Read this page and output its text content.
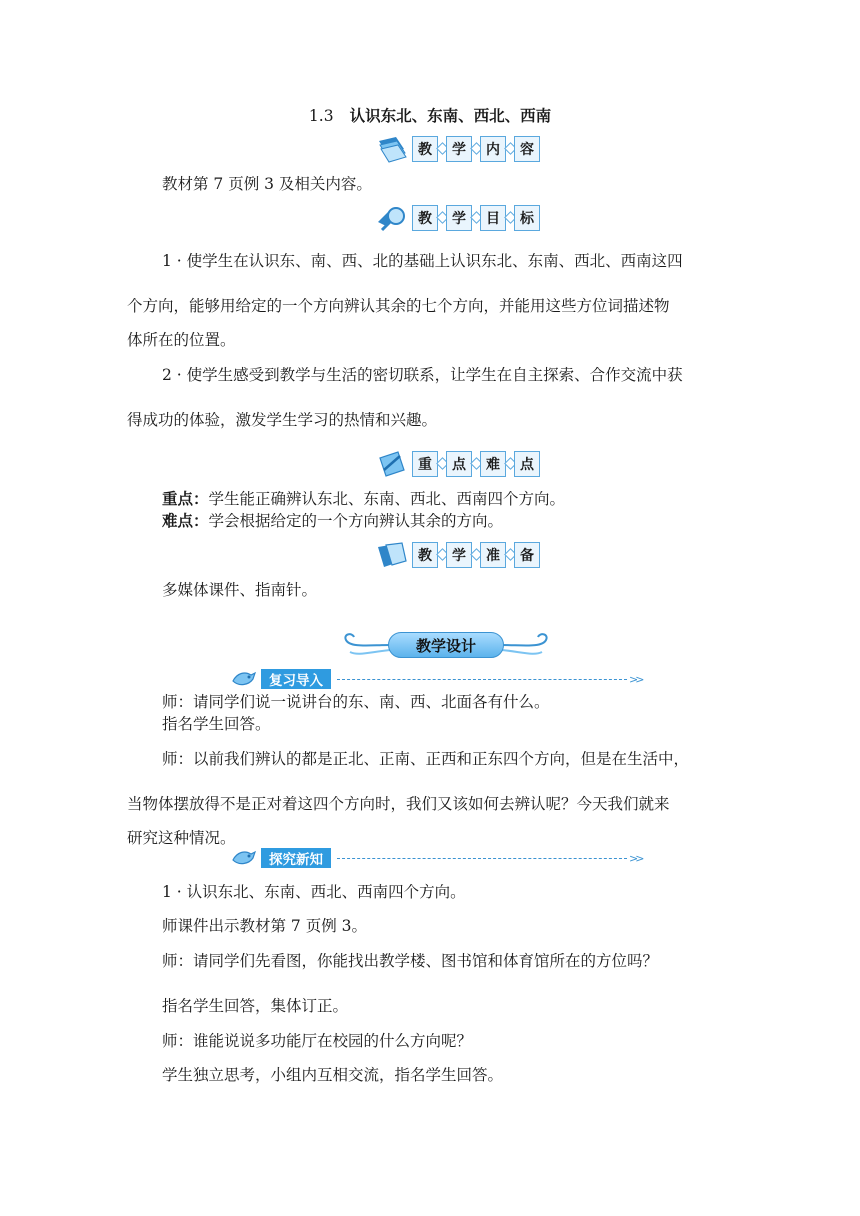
1.3 认识东北、东南、西北、西南
教	学	内	容
教材第 7 页例 3 及相关内容。
教	学	目	标
1 · 使学生在认识东、南、西、北的基础上认识东北、东南、西北、西南这四
个方向，能够用给定的一个方向辨认其余的七个方向，并能用这些方位词描述物
体所在的位置。
2 · 使学生感受到教学与生活的密切联系，让学生在自主探索、合作交流中获
得成功的体验，激发学生学习的热情和兴趣。
重	点	难	点
重点：学生能正确辨认东北、东南、西北、西南四个方向。
难点：学会根据给定的一个方向辨认其余的方向。
教	学	准	备
多媒体课件、指南针。
教学设计
复习导入	>>
师：请同学们说一说讲台的东、南、西、北面各有什么。
指名学生回答。
师：以前我们辨认的都是正北、正南、正西和正东四个方向，但是在生活中，
当物体摆放得不是正对着这四个方向时，我们又该如何去辨认呢？今天我们就来
研究这种情况。
探究新知	>>
1 · 认识东北、东南、西北、西南四个方向。
师课件出示教材第 7 页例 3。
师：请同学们先看图，你能找出教学楼、图书馆和体育馆所在的方位吗？
指名学生回答，集体订正。
师：谁能说说多功能厅在校园的什么方向呢？
学生独立思考，小组内互相交流，指名学生回答。
